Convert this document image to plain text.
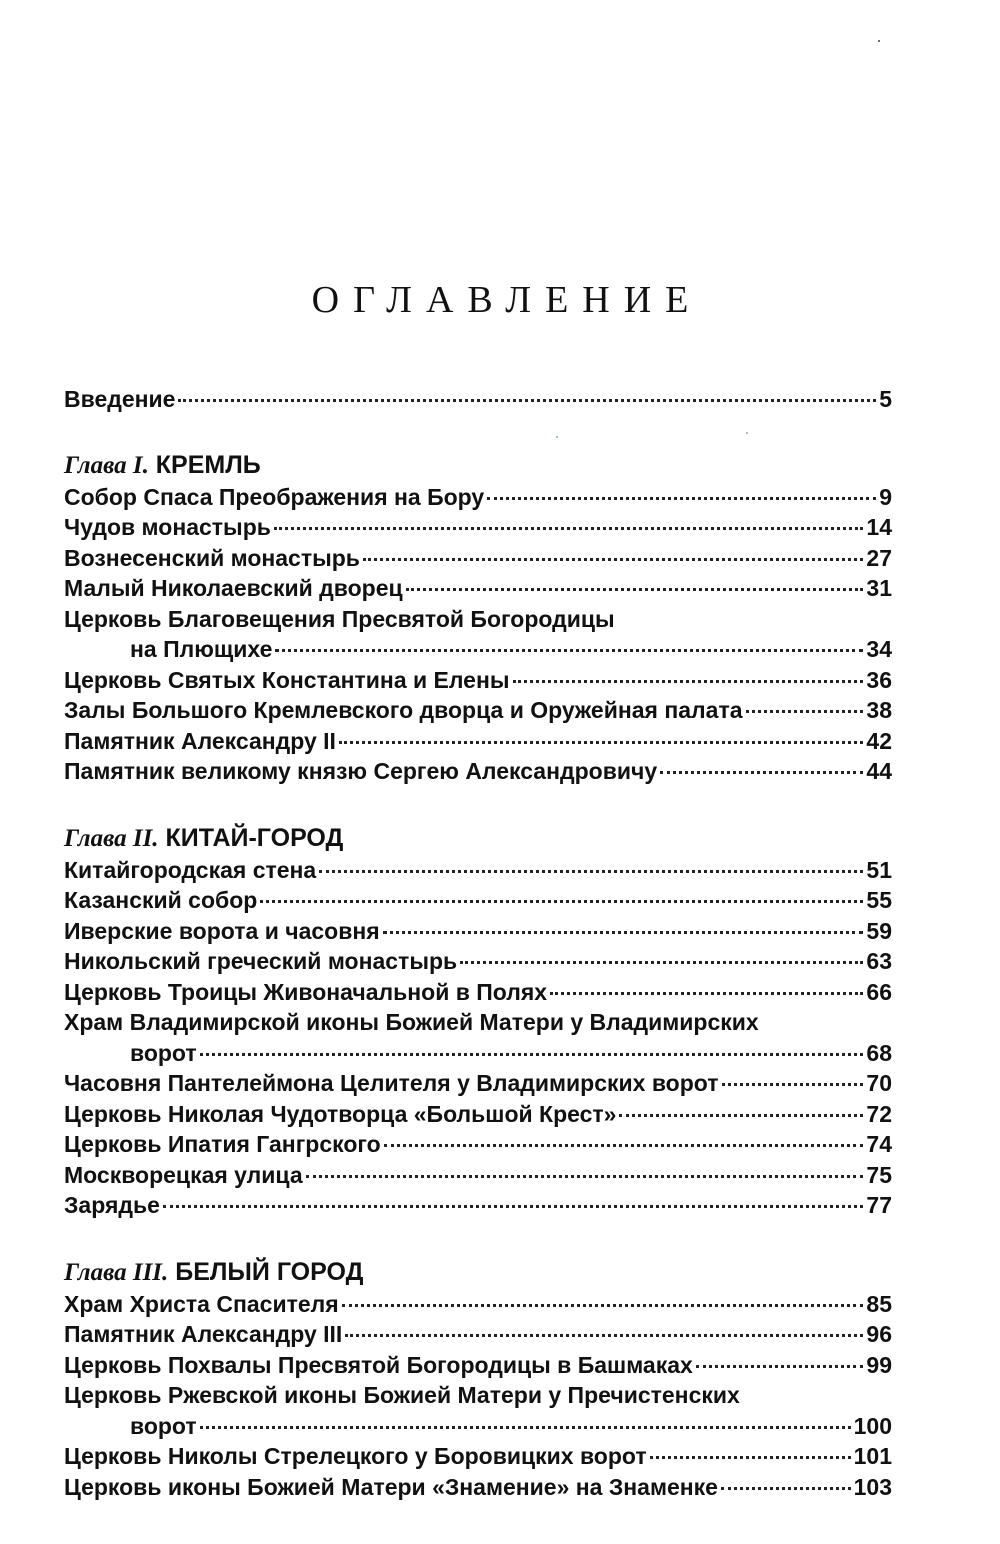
ОГЛАВЛЕНИЕ
Введение	5
Глава I. КРЕМЛЬ
Собор Спаса Преображения на Бору	9
Чудов монастырь	14
Вознесенский монастырь	27
Малый Николаевский дворец	31
Церковь Благовещения Пресвятой Богородицы
на Плющихе	34
Церковь Святых Константина и Елены	36
Залы Большого Кремлевского дворца и Оружейная палата	38
Памятник Александру II	42
Памятник великому князю Сергею Александровичу	44
Глава II. КИТАЙ-ГОРОД
Китайгородская стена	51
Казанский собор	55
Иверские ворота и часовня	59
Никольский греческий монастырь	63
Церковь Троицы Живоначальной в Полях	66
Храм Владимирской иконы Божией Матери у Владимирских
ворот	68
Часовня Пантелеймона Целителя у Владимирских ворот	70
Церковь Николая Чудотворца «Большой Крест»	72
Церковь Ипатия Гангрского	74
Москворецкая улица	75
Зарядье	77
Глава III. БЕЛЫЙ ГОРОД
Храм Христа Спасителя	85
Памятник Александру III	96
Церковь Похвалы Пресвятой Богородицы в Башмаках	99
Церковь Ржевской иконы Божией Матери у Пречистенских
ворот	100
Церковь Николы Стрелецкого у Боровицких ворот	101
Церковь иконы Божией Матери «Знамение» на Знаменке	103
